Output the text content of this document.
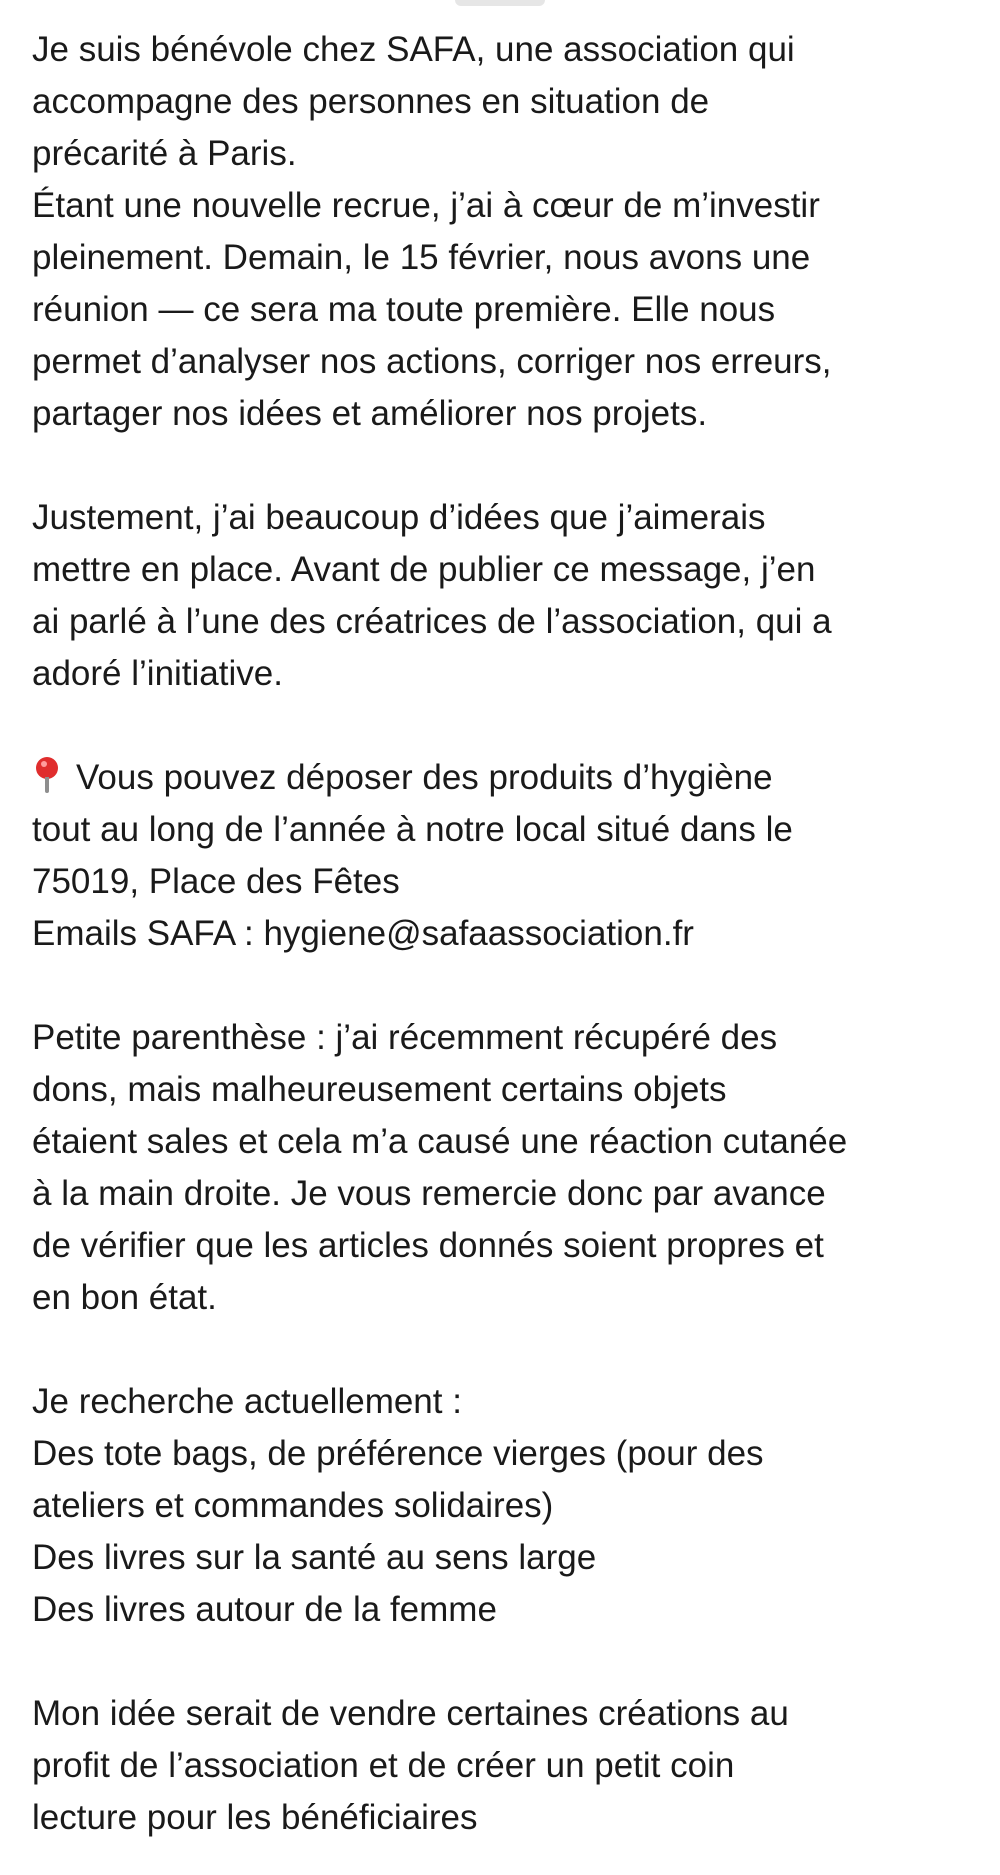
Je suis bénévole chez SAFA, une association qui
accompagne des personnes en situation de
précarité à Paris.
Étant une nouvelle recrue, j’ai à cœur de m’investir
pleinement. Demain, le 15 février, nous avons une
réunion — ce sera ma toute première. Elle nous
permet d’analyser nos actions, corriger nos erreurs,
partager nos idées et améliorer nos projets.

Justement, j’ai beaucoup d’idées que j’aimerais
mettre en place. Avant de publier ce message, j’en
ai parlé à l’une des créatrices de l’association, qui a
adoré l’initiative.

Vous pouvez déposer des produits d’hygiène
tout au long de l’année à notre local situé dans le
75019, Place des Fêtes
Emails SAFA : hygiene@safaassociation.fr

Petite parenthèse : j’ai récemment récupéré des
dons, mais malheureusement certains objets
étaient sales et cela m’a causé une réaction cutanée
à la main droite. Je vous remercie donc par avance
de vérifier que les articles donnés soient propres et
en bon état.

Je recherche actuellement :
Des tote bags, de préférence vierges (pour des
ateliers et commandes solidaires)
Des livres sur la santé au sens large
Des livres autour de la femme

Mon idée serait de vendre certaines créations au
profit de l’association et de créer un petit coin
lecture pour les bénéficiaires
